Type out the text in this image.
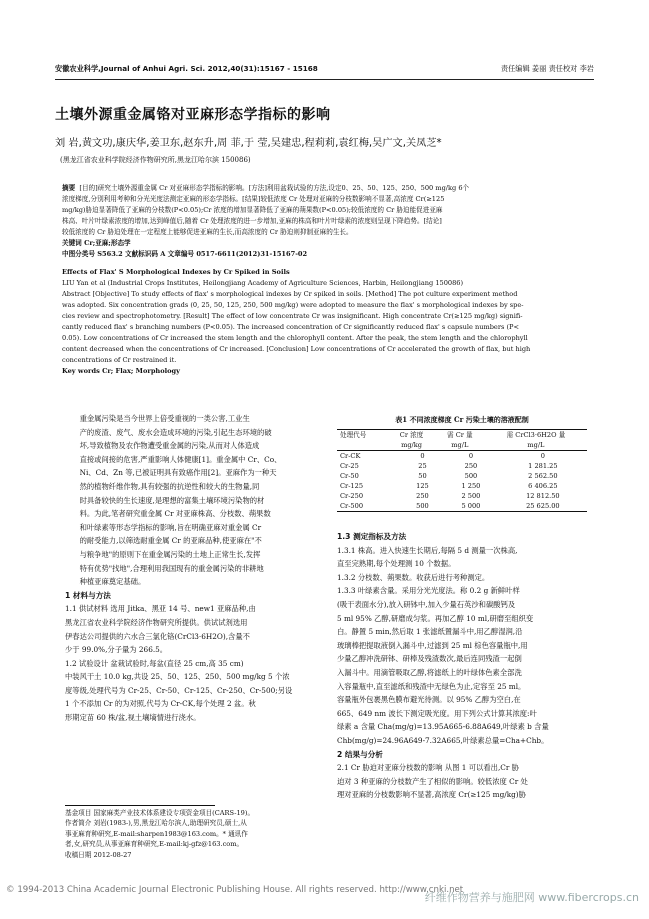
安徽农业科学,Journal of Anhui Agri. Sci. 2012,40(31):15167 - 15168	责任编辑 姜丽 责任校对 李岩
土壤外源重金属铬对亚麻形态学指标的影响
刘 岩,黄文功,康庆华,姜卫东,赵东升,周 菲,于 莹,吴建忠,程莉莉,袁红梅,吴广文,关凤芝*
(黑龙江省农业科学院经济作物研究所,黑龙江哈尔滨 150086)
摘要 [目的]研究土壤外源重金属 Cr 对亚麻形态学指标的影响。[方法]利用盆栽试验的方法,设定0、25、50、125、250、500 mg/kg 6个
浓度梯度,分别利用考种和分光光度法测定亚麻的形态学指标。[结果]较低浓度 Cr 处理对亚麻的分枝数影响不显著,高浓度 Cr(≥125
mg/kg)胁迫显著降低了亚麻的分枝数(P<0.05);Cr 浓度的增加显著降低了亚麻的蒴果数(P<0.05);较低浓度的 Cr 胁迫能促进亚麻
株高、叶片叶绿素浓度的增加,达到峰值后,随着 Cr 处理浓度的进一步增加,亚麻的株高和叶片叶绿素的浓度则呈现下降趋势。[结论]
较低浓度的 Cr 胁迫处理在一定程度上能够促进亚麻的生长,而高浓度的 Cr 胁迫则抑制亚麻的生长。
关键词 Cr;亚麻;形态学
中图分类号 S563.2 文献标识码 A 文章编号 0517-6611(2012)31-15167-02
Effects of Flax' S Morphological Indexes by Cr Spiked in Soils
LIU Yan et al (Industrial Crops Institutes, Heilongjiang Academy of Agriculture Sciences, Harbin, Heilongjiang 150086)
Abstract [Objective] To study effects of flax' s morphological indexes by Cr spiked in soils. [Method] The pot culture experiment method
was adopted. Six concentration grads (0, 25, 50, 125, 250, 500 mg/kg) were adopted to measure the flax' s morphological indexes by spe-
cies review and spectrophotometry. [Result] The effect of low concentrate Cr was insignificant. High concentrate Cr(≥125 mg/kg) signifi-
cantly reduced flax' s branching numbers (P<0.05). The increased concentration of Cr significantly reduced flax' s capsule numbers (P<
0.05). Low concentrations of Cr increased the stem length and the chlorophyll content. After the peak, the stem length and the chlorophyll
content decreased when the concentrations of Cr increased. [Conclusion] Low concentrations of Cr accelerated the growth of flax, but high
concentrations of Cr restrained it.
Key words Cr; Flax; Morphology
重金属污染是当今世界上倍受重视的一类公害,工业生
产的废渣、废气、废水会造成环境的污染,引起生态环境的破
坏,导致植物及农作物遭受重金属的污染,从而对人体造成
直接或间接的危害,严重影响人体健康[1]。重金属中 Cr、Co、
Ni、Cd、Zn 等,已被证明具有致癌作用[2]。亚麻作为一种天
然的植物纤维作物,具有较强的抗逆性和较大的生物量,同
时具备较快的生长速度,是理想的富集土壤环境污染物的材
料。为此,笔者研究重金属 Cr 对亚麻株高、分枝数、蒴果数
和叶绿素等形态学指标的影响,旨在明确亚麻对重金属 Cr
的耐受能力,以筛选耐重金属 Cr 的亚麻品种,使亚麻在"不
与粮争地"的原则下在重金属污染的土地上正常生长,发挥
特有优势"找地",合理利用我国现有的重金属污染的非耕地
种植亚麻奠定基础。
1 材料与方法
1.1 供试材料 选用 Jitka、黑亚 14 号、new1 亚麻品种,由
黑龙江省农业科学院经济作物研究所提供。供试试剂选用
伊春达公司提供的六水合三氯化铬(CrCl3·6H2O),含量不
少于 99.0%,分子量为 266.5。
1.2 试验设计 盆栽试验时,每盆(直径 25 cm,高 35 cm)
中装风干土 10.0 kg,共设 25、50、125、250、500 mg/kg 5 个浓
度等级,处理代号为 Cr-25、Cr-50、Cr-125、Cr-250、Cr-500;另设
1 个不添加 Cr 的为对照,代号为 Cr-CK,每个处理 2 盆。秋
形期定苗 60 株/盆,视土壤墒情进行浇水。
表1 不同浓度梯度 Cr 污染土壤的溶液配制
处理代号	Cr 浓度	需 Cr 量	需 CrCl3·6H2O 量
	mg/kg	mg/L	mg/L
Cr-CK	0	0	0
Cr-25	25	250	1 281.25
Cr-50	50	500	2 562.50
Cr-125	125	1 250	6 406.25
Cr-250	250	2 500	12 812.50
Cr-500	500	5 000	25 625.00
1.3 测定指标及方法
1.3.1 株高。进入快速生长期后,每隔 5 d 测量一次株高,
直至完熟期,每个处理测 10 个数据。
1.3.2 分枝数、蒴果数。收获后进行考种测定。
1.3.3 叶绿素含量。采用分光光度法。称 0.2 g 新鲜叶样
(吸干表面水分),放入研钵中,加入少量石英沙和碳酸钙及
5 ml 95% 乙醇,研磨成匀浆。再加乙醇 10 ml,研磨至组织变
白。静置 5 min,然后取 1 张滤纸置漏斗中,用乙醇湿润,沿
玻璃棒把提取液倒入漏斗中,过滤到 25 ml 棕色容量瓶中,用
少量乙醇冲洗研钵、研棒及残渣数次,最后连同残渣一起倒
入漏斗中。用滴管吸取乙醇,将滤纸上的叶绿体色素全部洗
入容量瓶中,直至滤纸和残渣中无绿色为止,定容至 25 ml。
容量瓶外包裹黑色膜布避光待测。以 95% 乙醇为空白,在
665、649 nm 波长下测定吸光度。用下列公式计算其浓度:叶
绿素 a 含量 Cha(mg/g)=13.95A665-6.88A649,叶绿素 b 含量
Chb(mg/g)=24.96A649-7.32A665,叶绿素总量=Cha+Chb。
2 结果与分析
2.1 Cr 胁迫对亚麻分枝数的影响 从图 1 可以看出,Cr 胁
迫对 3 种亚麻的分枝数产生了相似的影响。较低浓度 Cr 处
理对亚麻的分枝数影响不显著,高浓度 Cr(≥125 mg/kg)胁
基金项目 国家麻类产业技术体系建设专项资金项目(CARS-19)。
作者简介 刘岩(1983-),男,黑龙江哈尔滨人,助理研究员,硕士,从
事亚麻育种研究,E-mail:sharpen1983@163.com。* 通讯作
者,女,研究员,从事亚麻育种研究,E-mail:kj-gfz@163.com。
收稿日期 2012-08-27
© 1994-2013 China Academic Journal Electronic Publishing House. All rights reserved. http://www.cnki.net
纤维作物营养与施肥网 www.fibercrops.cn
